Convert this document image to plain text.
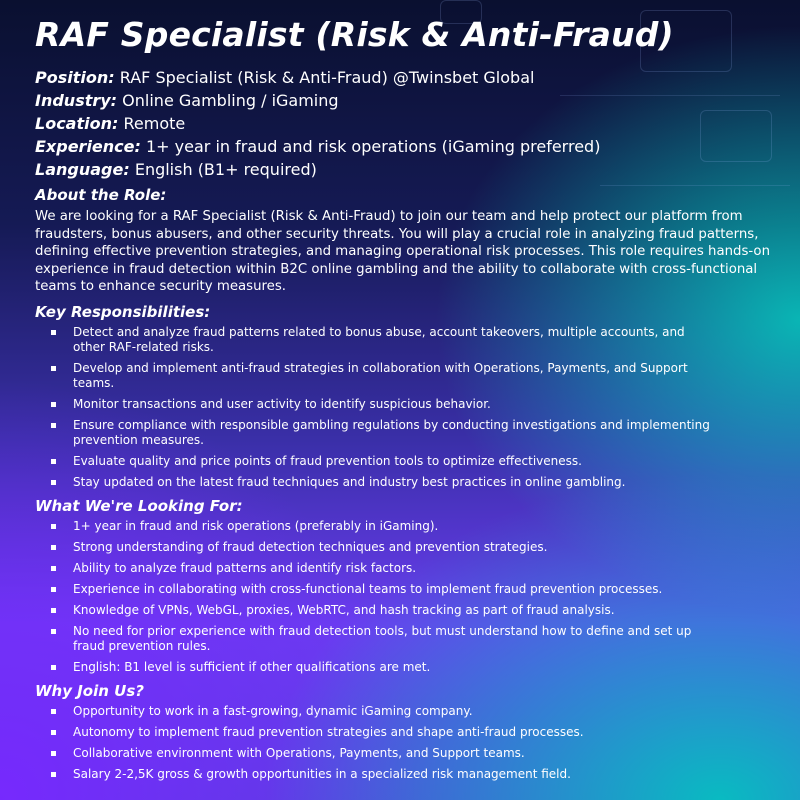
RAF Specialist (Risk & Anti-Fraud)
Position: RAF Specialist (Risk & Anti-Fraud) @Twinsbet Global
Industry: Online Gambling / iGaming
Location: Remote
Experience: 1+ year in fraud and risk operations (iGaming preferred)
Language: English (B1+ required)
About the Role:

We are looking for a RAF Specialist (Risk & Anti-Fraud) to join our team and help protect our platform from fraudsters, bonus abusers, and other security threats. You will play a crucial role in analyzing fraud patterns, defining effective prevention strategies, and managing operational risk processes. This role requires hands-on experience in fraud detection within B2C online gambling and the ability to collaborate with cross-functional teams to enhance security measures.

Key Responsibilities:
Detect and analyze fraud patterns related to bonus abuse, account takeovers, multiple accounts, and other RAF-related risks.
Develop and implement anti-fraud strategies in collaboration with Operations, Payments, and Support teams.
Monitor transactions and user activity to identify suspicious behavior.
Ensure compliance with responsible gambling regulations by conducting investigations and implementing prevention measures.
Evaluate quality and price points of fraud prevention tools to optimize effectiveness.
Stay updated on the latest fraud techniques and industry best practices in online gambling.
What We're Looking For:
1+ year in fraud and risk operations (preferably in iGaming).
Strong understanding of fraud detection techniques and prevention strategies.
Ability to analyze fraud patterns and identify risk factors.
Experience in collaborating with cross-functional teams to implement fraud prevention processes.
Knowledge of VPNs, WebGL, proxies, WebRTC, and hash tracking as part of fraud analysis.
No need for prior experience with fraud detection tools, but must understand how to define and set up fraud prevention rules.
English: B1 level is sufficient if other qualifications are met.
Why Join Us?
Opportunity to work in a fast-growing, dynamic iGaming company.
Autonomy to implement fraud prevention strategies and shape anti-fraud processes.
Collaborative environment with Operations, Payments, and Support teams.
Salary 2-2,5K gross & growth opportunities in a specialized risk management field.
